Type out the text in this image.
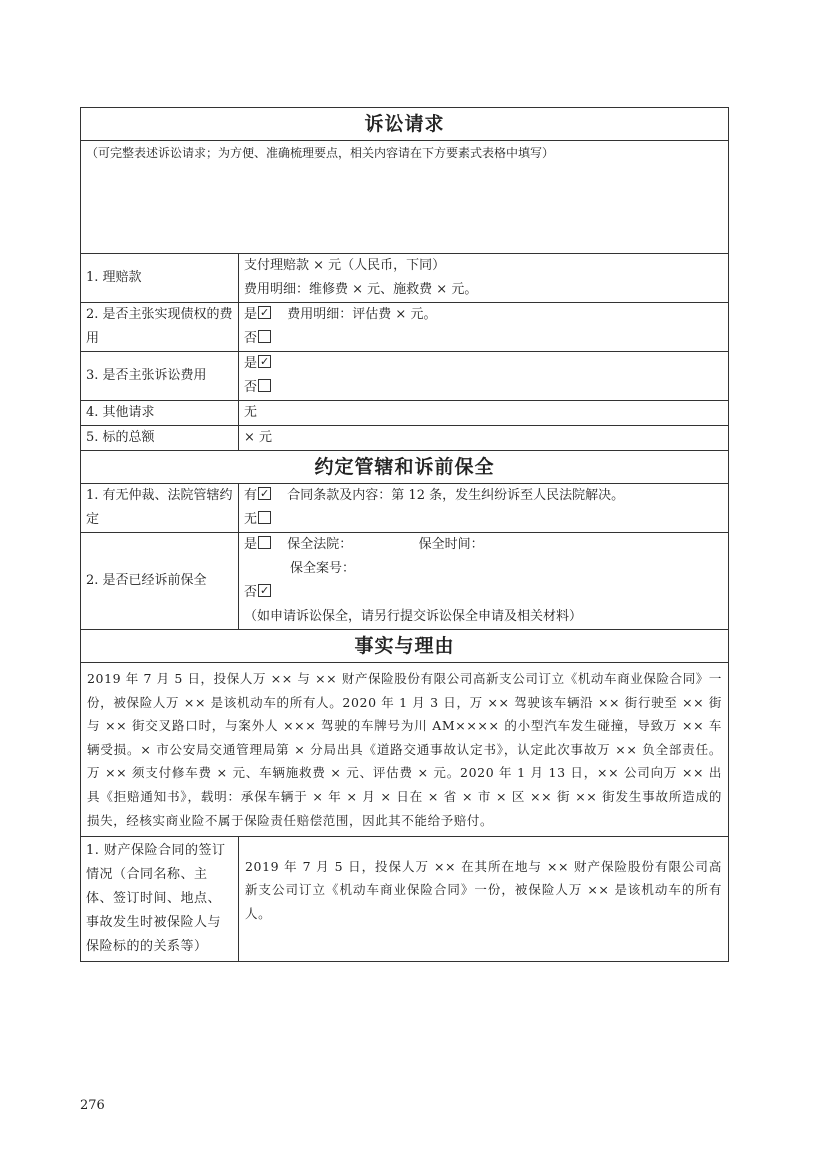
诉讼请求	
（可完整表述诉讼请求；为方便、准确梳理要点，相关内容请在下方要素式表格中填写）	
1. 理赔款	支付理赔款 × 元（人民币，下同）
费用明细：维修费 × 元、施救费 × 元。

2. 是否主张实现债权的费用	是 ✓ 费用明细：评估费 × 元。
否

3. 是否主张诉讼费用	是✓
否

4. 其他请求	无
5. 标的总额	× 元
约定管辖和诉前保全	
1. 有无仲裁、法院管辖约定	有 ✓ 合同条款及内容：第 12 条，发生纠纷诉至人民法院解决。
无

2. 是否已经诉前保全	是 保全法院： 保全时间：
保全案号：
否✓
（如申请诉讼保全，请另行提交诉讼保全申请及相关材料）

事实与理由	
2019 年 7 月 5 日，投保人万 ×× 与 ×× 财产保险股份有限公司高新支公司订立《机动车商业保险合同》一份，被保险人万 ×× 是该机动车的所有人。2020 年 1 月 3 日，万 ×× 驾驶该车辆沿 ×× 街行驶至 ×× 街与 ×× 街交叉路口时，与案外人 ××× 驾驶的车牌号为川 AM×××× 的小型汽车发生碰撞，导致万 ×× 车辆受损。× 市公安局交通管理局第 × 分局出具《道路交通事故认定书》，认定此次事故万 ×× 负全部责任。万 ×× 须支付修车费 × 元、车辆施救费 × 元、评估费 × 元。2020 年 1 月 13 日，×× 公司向万 ×× 出具《拒赔通知书》，载明：承保车辆于 × 年 × 月 × 日在 × 省 × 市 × 区 ×× 街 ×× 街发生事故所造成的损失，经核实商业险不属于保险责任赔偿范围，因此其不能给予赔付。	
1. 财产保险合同的签订情况（合同名称、主体、签订时间、地点、事故发生时被保险人与保险标的的关系等）	2019 年 7 月 5 日，投保人万 ×× 在其所在地与 ×× 财产保险股份有限公司高新支公司订立《机动车商业保险合同》一份，被保险人万 ×× 是该机动车的所有人。
276
